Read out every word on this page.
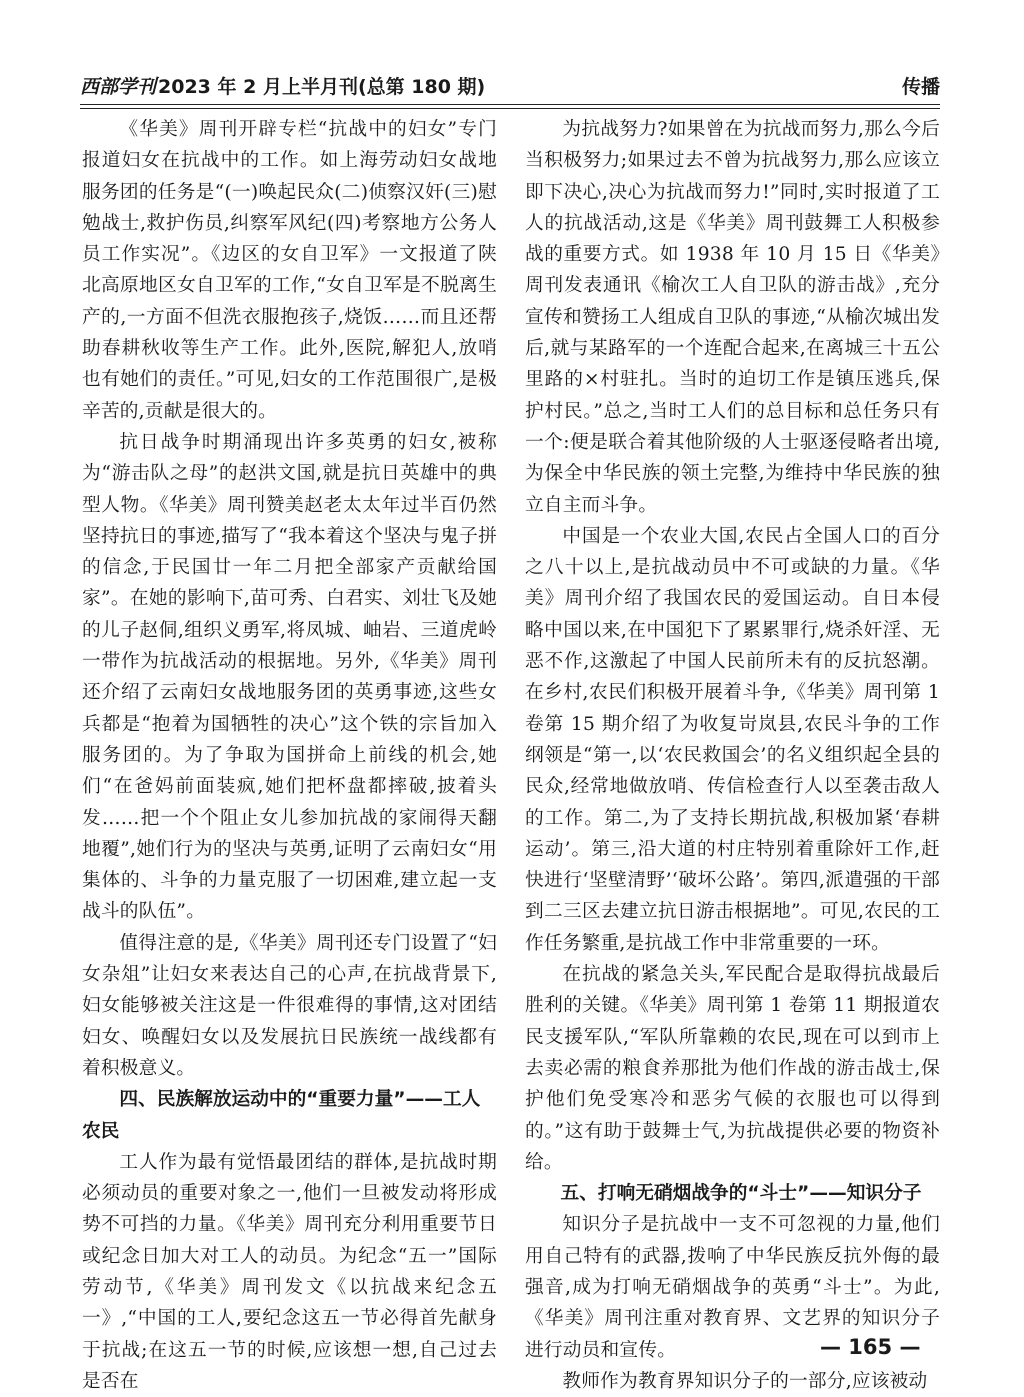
西部学刊 2023 年 2 月上半月刊(总第 180 期)	传播

《华美》周刊开辟专栏“抗战中的妇女”专门报道妇女在抗战中的工作。如上海劳动妇女战地服务团的任务是“(一)唤起民众(二)侦察汉奸(三)慰勉战士,救护伤员,纠察军风纪(四)考察地方公务人员工作实况”。《边区的女自卫军》一文报道了陕北高原地区女自卫军的工作,“女自卫军是不脱离生产的,一方面不但洗衣服抱孩子,烧饭……而且还帮助春耕秋收等生产工作。此外,医院,解犯人,放哨也有她们的责任。”可见,妇女的工作范围很广,是极辛苦的,贡献是很大的。

抗日战争时期涌现出许多英勇的妇女,被称为“游击队之母”的赵洪文国,就是抗日英雄中的典型人物。《华美》周刊赞美赵老太太年过半百仍然坚持抗日的事迹,描写了“我本着这个坚决与鬼子拼的信念,于民国廿一年二月把全部家产贡献给国家”。在她的影响下,苗可秀、白君实、刘壮飞及她的儿子赵侗,组织义勇军,将凤城、岫岩、三道虎岭一带作为抗战活动的根据地。另外,《华美》周刊还介绍了云南妇女战地服务团的英勇事迹,这些女兵都是“抱着为国牺牲的决心”这个铁的宗旨加入服务团的。为了争取为国拼命上前线的机会,她们“在爸妈前面装疯,她们把杯盘都摔破,披着头发……把一个个阻止女儿参加抗战的家闹得天翻地覆”,她们行为的坚决与英勇,证明了云南妇女“用集体的、斗争的力量克服了一切困难,建立起一支战斗的队伍”。

值得注意的是,《华美》周刊还专门设置了“妇女杂俎”让妇女来表达自己的心声,在抗战背景下,妇女能够被关注这是一件很难得的事情,这对团结妇女、唤醒妇女以及发展抗日民族统一战线都有着积极意义。

四、民族解放运动中的“重要力量”——工人农民

工人作为最有觉悟最团结的群体,是抗战时期必须动员的重要对象之一,他们一旦被发动将形成势不可挡的力量。《华美》周刊充分利用重要节日或纪念日加大对工人的动员。为纪念“五一”国际劳动节,《华美》周刊发文《以抗战来纪念五一》,“中国的工人,要纪念这五一节必得首先献身于抗战;在这五一节的时候,应该想一想,自己过去是否在

为抗战努力?如果曾在为抗战而努力,那么今后当积极努力;如果过去不曾为抗战努力,那么应该立即下决心,决心为抗战而努力!”同时,实时报道了工人的抗战活动,这是《华美》周刊鼓舞工人积极参战的重要方式。如 1938 年 10 月 15 日《华美》周刊发表通讯《榆次工人自卫队的游击战》,充分宣传和赞扬工人组成自卫队的事迹,“从榆次城出发后,就与某路军的一个连配合起来,在离城三十五公里路的×村驻扎。当时的迫切工作是镇压逃兵,保护村民。”总之,当时工人们的总目标和总任务只有一个:便是联合着其他阶级的人士驱逐侵略者出境,为保全中华民族的领土完整,为维持中华民族的独立自主而斗争。

中国是一个农业大国,农民占全国人口的百分之八十以上,是抗战动员中不可或缺的力量。《华美》周刊介绍了我国农民的爱国运动。自日本侵略中国以来,在中国犯下了累累罪行,烧杀奸淫、无恶不作,这激起了中国人民前所未有的反抗怒潮。在乡村,农民们积极开展着斗争,《华美》周刊第 1 卷第 15 期介绍了为收复岢岚县,农民斗争的工作纲领是“第一,以‘农民救国会’的名义组织起全县的民众,经常地做放哨、传信检查行人以至袭击敌人的工作。第二,为了支持长期抗战,积极加紧‘春耕运动’。第三,沿大道的村庄特别着重除奸工作,赶快进行‘坚壁清野’‘破坏公路’。第四,派遣强的干部到二三区去建立抗日游击根据地”。可见,农民的工作任务繁重,是抗战工作中非常重要的一环。

在抗战的紧急关头,军民配合是取得抗战最后胜利的关键。《华美》周刊第 1 卷第 11 期报道农民支援军队,“军队所靠赖的农民,现在可以到市上去卖必需的粮食养那批为他们作战的游击战士,保护他们免受寒冷和恶劣气候的衣服也可以得到的。”这有助于鼓舞士气,为抗战提供必要的物资补给。

五、打响无硝烟战争的“斗士”——知识分子

知识分子是抗战中一支不可忽视的力量,他们用自己特有的武器,拨响了中华民族反抗外侮的最强音,成为打响无硝烟战争的英勇“斗士”。为此,《华美》周刊注重对教育界、文艺界的知识分子进行动员和宣传。

教师作为教育界知识分子的一部分,应该被动

— 165 —
